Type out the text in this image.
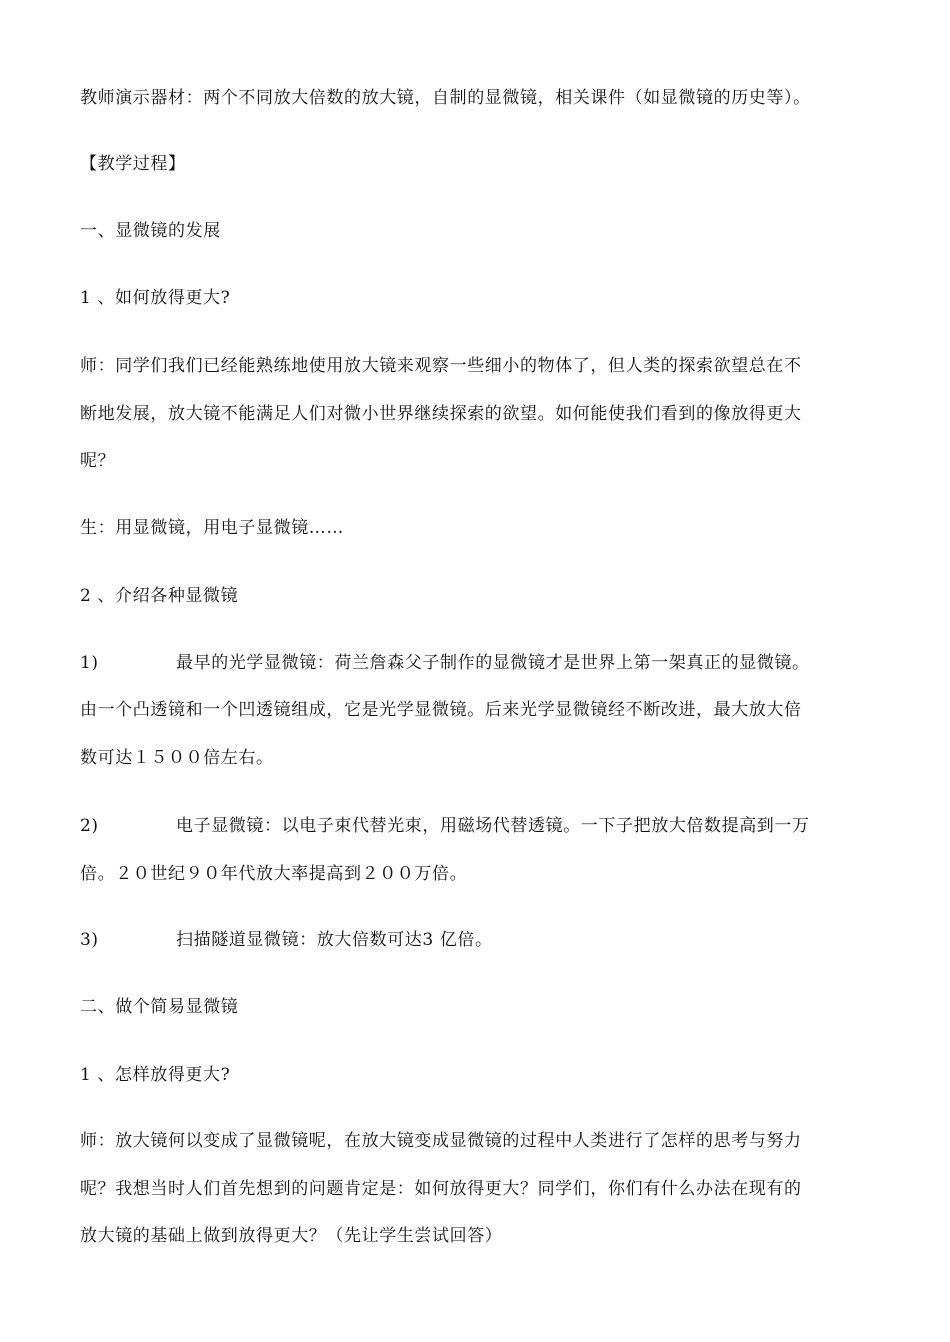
教师演示器材：两个不同放大倍数的放大镜，自制的显微镜，相关课件（如显微镜的历史等）。
【教学过程】
一、显微镜的发展
1 、如何放得更大?
师：同学们我们已经能熟练地使用放大镜来观察一些细小的物体了，但人类的探索欲望总在不
断地发展，放大镜不能满足人们对微小世界继续探索的欲望。如何能使我们看到的像放得更大
呢？
生：用显微镜，用电子显微镜……
2 、介绍各种显微镜
1)	最早的光学显微镜：荷兰詹森父子制作的显微镜才是世界上第一架真正的显微镜。
由一个凸透镜和一个凹透镜组成，它是光学显微镜。后来光学显微镜经不断改进，最大放大倍
数可达１５００倍左右。
2)	电子显微镜：以电子束代替光束，用磁场代替透镜。一下子把放大倍数提高到一万
倍。２０世纪９０年代放大率提高到２００万倍。
3)	扫描隧道显微镜：放大倍数可达3 亿倍。
二、做个简易显微镜
1 、怎样放得更大?
师：放大镜何以变成了显微镜呢，在放大镜变成显微镜的过程中人类进行了怎样的思考与努力
呢？我想当时人们首先想到的问题肯定是：如何放得更大？同学们，你们有什么办法在现有的
放大镜的基础上做到放得更大？（先让学生尝试回答）
